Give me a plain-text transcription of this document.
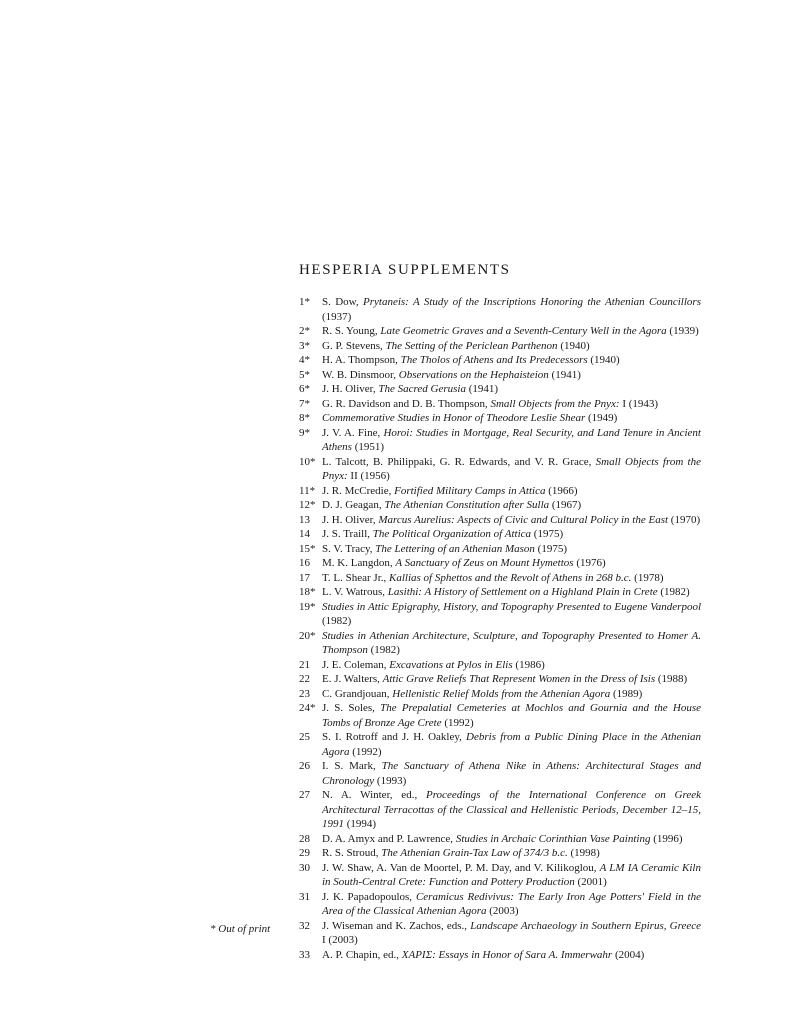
HESPERIA SUPPLEMENTS
1*	S. Dow, Prytaneis: A Study of the Inscriptions Honoring the Athenian Councillors (1937)
2*	R. S. Young, Late Geometric Graves and a Seventh-Century Well in the Agora (1939)
3*	G. P. Stevens, The Setting of the Periclean Parthenon (1940)
4*	H. A. Thompson, The Tholos of Athens and Its Predecessors (1940)
5*	W. B. Dinsmoor, Observations on the Hephaisteion (1941)
6*	J. H. Oliver, The Sacred Gerusia (1941)
7*	G. R. Davidson and D. B. Thompson, Small Objects from the Pnyx: I (1943)
8*	Commemorative Studies in Honor of Theodore Leslie Shear (1949)
9*	J. V. A. Fine, Horoi: Studies in Mortgage, Real Security, and Land Tenure in Ancient Athens (1951)
10* L. Talcott, B. Philippaki, G. R. Edwards, and V. R. Grace, Small Objects from the Pnyx: II (1956)
11* J. R. McCredie, Fortified Military Camps in Attica (1966)
12* D. J. Geagan, The Athenian Constitution after Sulla (1967)
13	J. H. Oliver, Marcus Aurelius: Aspects of Civic and Cultural Policy in the East (1970)
14	J. S. Traill, The Political Organization of Attica (1975)
15* S. V. Tracy, The Lettering of an Athenian Mason (1975)
16	M. K. Langdon, A Sanctuary of Zeus on Mount Hymettos (1976)
17	T. L. Shear Jr., Kallias of Sphettos and the Revolt of Athens in 268 b.c. (1978)
18* L. V. Watrous, Lasithi: A History of Settlement on a Highland Plain in Crete (1982)
19* Studies in Attic Epigraphy, History, and Topography Presented to Eugene Vanderpool (1982)
20* Studies in Athenian Architecture, Sculpture, and Topography Presented to Homer A. Thompson (1982)
21	J. E. Coleman, Excavations at Pylos in Elis (1986)
22	E. J. Walters, Attic Grave Reliefs That Represent Women in the Dress of Isis (1988)
23	C. Grandjouan, Hellenistic Relief Molds from the Athenian Agora (1989)
24* J. S. Soles, The Prepalatial Cemeteries at Mochlos and Gournia and the House Tombs of Bronze Age Crete (1992)
25	S. I. Rotroff and J. H. Oakley, Debris from a Public Dining Place in the Athenian Agora (1992)
26	I. S. Mark, The Sanctuary of Athena Nike in Athens: Architectural Stages and Chronology (1993)
27	N. A. Winter, ed., Proceedings of the International Conference on Greek Architectural Terracottas of the Classical and Hellenistic Periods, December 12–15, 1991 (1994)
28	D. A. Amyx and P. Lawrence, Studies in Archaic Corinthian Vase Painting (1996)
29	R. S. Stroud, The Athenian Grain-Tax Law of 374/3 b.c. (1998)
30	J. W. Shaw, A. Van de Moortel, P. M. Day, and V. Kilikoglou, A LM IA Ceramic Kiln in South-Central Crete: Function and Pottery Production (2001)
31	J. K. Papadopoulos, Ceramicus Redivivus: The Early Iron Age Potters' Field in the Area of the Classical Athenian Agora (2003)
32	J. Wiseman and K. Zachos, eds., Landscape Archaeology in Southern Epirus, Greece I (2003)
33	A. P. Chapin, ed., ΧΑΡΙΣ: Essays in Honor of Sara A. Immerwahr (2004)
* Out of print
